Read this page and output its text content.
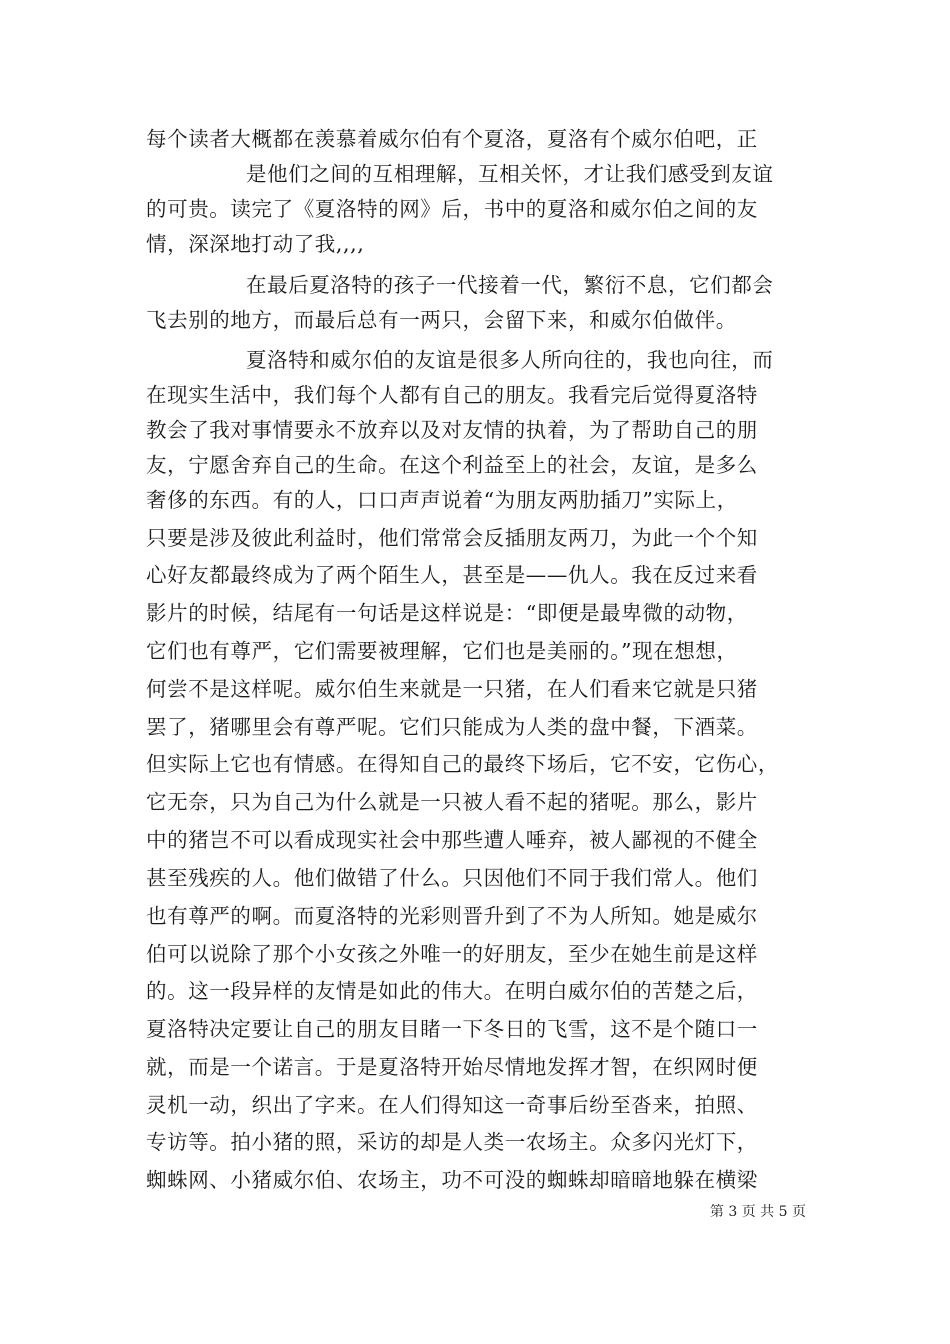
每个读者大概都在羡慕着威尔伯有个夏洛，夏洛有个威尔伯吧，正
是他们之间的互相理解，互相关怀，才让我们感受到友谊
的可贵。读完了《夏洛特的网》后，书中的夏洛和威尔伯之间的友
情，深深地打动了我,,,,
在最后夏洛特的孩子一代接着一代，繁衍不息，它们都会
飞去别的地方，而最后总有一两只，会留下来，和威尔伯做伴。
夏洛特和威尔伯的友谊是很多人所向往的，我也向往，而
在现实生活中，我们每个人都有自己的朋友。我看完后觉得夏洛特
教会了我对事情要永不放弃以及对友情的执着，为了帮助自己的朋
友，宁愿舍弃自己的生命。在这个利益至上的社会，友谊，是多么
奢侈的东西。有的人，口口声声说着“为朋友两肋插刀”实际上，
只要是涉及彼此利益时，他们常常会反插朋友两刀，为此一个个知
心好友都最终成为了两个陌生人，甚至是——仇人。我在反过来看
影片的时候，结尾有一句话是这样说是：“即便是最卑微的动物，
它们也有尊严，它们需要被理解，它们也是美丽的。”现在想想，
何尝不是这样呢。威尔伯生来就是一只猪，在人们看来它就是只猪
罢了，猪哪里会有尊严呢。它们只能成为人类的盘中餐，下酒菜。
但实际上它也有情感。在得知自己的最终下场后，它不安，它伤心，
它无奈，只为自己为什么就是一只被人看不起的猪呢。那么，影片
中的猪岂不可以看成现实社会中那些遭人唾弃，被人鄙视的不健全
甚至残疾的人。他们做错了什么。只因他们不同于我们常人。他们
也有尊严的啊。而夏洛特的光彩则晋升到了不为人所知。她是威尔
伯可以说除了那个小女孩之外唯一的好朋友，至少在她生前是这样
的。这一段异样的友情是如此的伟大。在明白威尔伯的苦楚之后，
夏洛特决定要让自己的朋友目睹一下冬日的飞雪，这不是个随口一
就，而是一个诺言。于是夏洛特开始尽情地发挥才智，在织网时便
灵机一动，织出了字来。在人们得知这一奇事后纷至沓来，拍照、
专访等。拍小猪的照，采访的却是人类一农场主。众多闪光灯下，
蜘蛛网、小猪威尔伯、农场主，功不可没的蜘蛛却暗暗地躲在横梁
第 3 页 共 5 页
